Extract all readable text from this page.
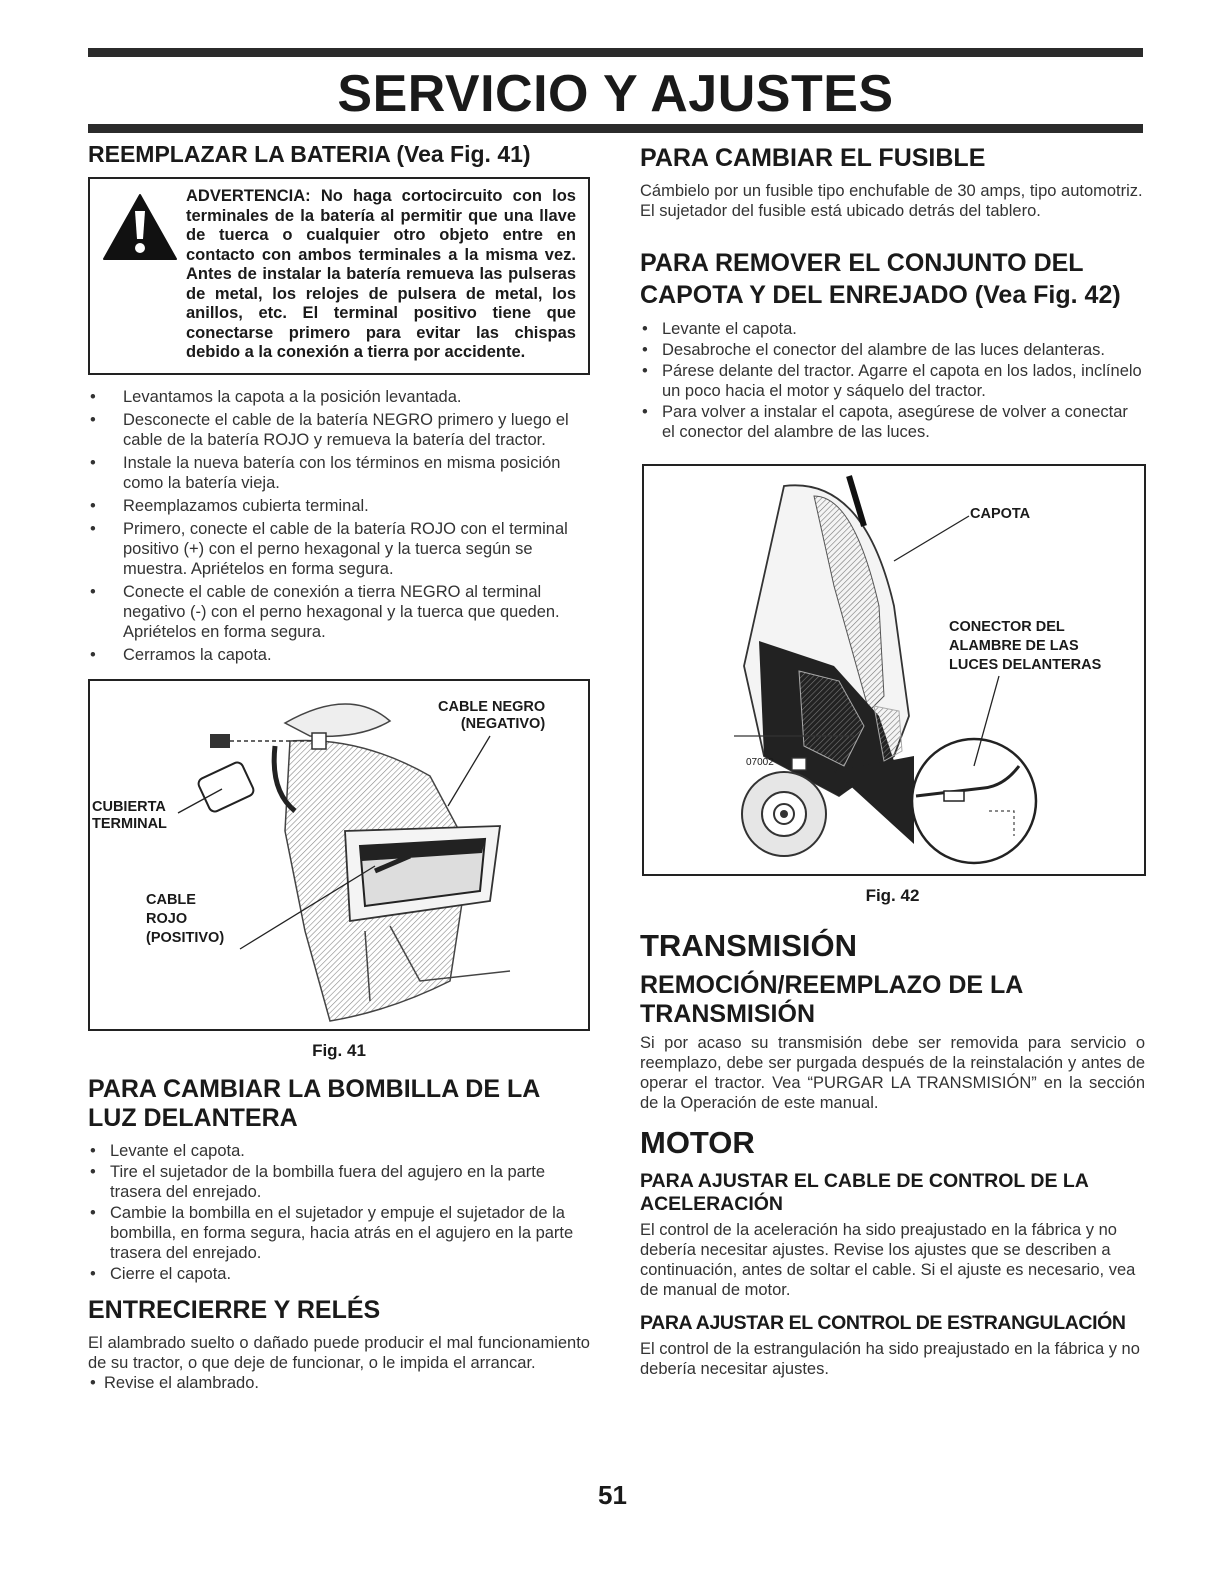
SERVICIO Y AJUSTES
REEMPLAZAR LA BATERIA (Vea Fig. 41)
ADVERTENCIA: No haga cortocircuito con los terminales de la batería al permitir que una llave de tuerca o cualquier otro objeto entre en contacto con ambos terminales a la misma vez. Antes de instalar la batería remueva las pulseras de metal, los relojes de pulsera de metal, los anillos, etc. El terminal positivo tiene que conectarse primero para evitar las chispas debido a la conexión a tierra por accidente.
• Levantamos la capota a la posición levantada.
• Desconecte el cable de la batería NEGRO primero y luego el cable de la batería ROJO y remueva la batería del tractor.
• Instale la nueva batería con los términos en misma posición como la batería vieja.
• Reemplazamos cubierta terminal.
• Primero, conecte el cable de la batería ROJO con el terminal positivo (+) con el perno hexagonal y la tuerca según se muestra. Apriételos en forma segura.
• Conecte el cable de conexión a tierra NEGRO al terminal negativo (-) con el perno hexagonal y la tuerca que queden. Apriételos en forma segura.
• Cerramos la capota.
CABLE NEGRO
(NEGATIVO)
CUBIERTA
TERMINAL
CABLE
ROJO
(POSITIVO)
Fig. 41
PARA CAMBIAR LA BOMBILLA DE LA LUZ DELANTERA
• Levante el capota.
• Tire el sujetador de la bombilla fuera del agujero en la parte trasera del enrejado.
• Cambie la bombilla en el sujetador y empuje el sujetador de la bombilla, en forma segura, hacia atrás en el agujero en la parte trasera del enrejado.
• Cierre el capota.
ENTRECIERRE Y RELÉS

El alambrado suelto o dañado puede producir el mal funcionamiento de su tractor, o que deje de funcionar, o le impida el arrancar.

• Revise el alambrado.
PARA CAMBIAR EL FUSIBLE

Cámbielo por un fusible tipo enchufable de 30 amps, tipo automotriz. El sujetador del fusible está ubicado detrás del tablero.

PARA REMOVER EL CONJUNTO DEL CAPOTA Y DEL ENREJADO (Vea Fig. 42)
• Levante el capota.
• Desabroche el conector del alambre de las luces delanteras.
• Párese delante del tractor. Agarre el capota en los lados, inclínelo un poco hacia el motor y sáquelo del tractor.
• Para volver a instalar el capota, asegúrese de volver a conectar el conector del alambre de las luces.
CAPOTA
CONECTOR DEL
ALAMBRE DE LAS
LUCES DELANTERAS
07002
Fig. 42
TRANSMISIÓN
REMOCIÓN/REEMPLAZO DE LA TRANSMISIÓN

Si por acaso su transmisión debe ser removida para servicio o reemplazo, debe ser purgada después de la reinstalación y antes de operar el tractor. Vea “PURGAR LA TRANSMISIÓN” en la sección de la Operación de este manual.

MOTOR
PARA AJUSTAR EL CABLE DE CONTROL DE LA ACELERACIÓN

El control de la aceleración ha sido preajustado en la fábrica y no debería necesitar ajustes. Revise los ajustes que se describen a continuación, antes de soltar el cable. Si el ajuste es necesario, vea de manual de motor.

PARA AJUSTAR EL CONTROL DE ESTRANGULACIÓN

El control de la estrangulación ha sido preajustado en la fábrica y no debería necesitar ajustes.

51
